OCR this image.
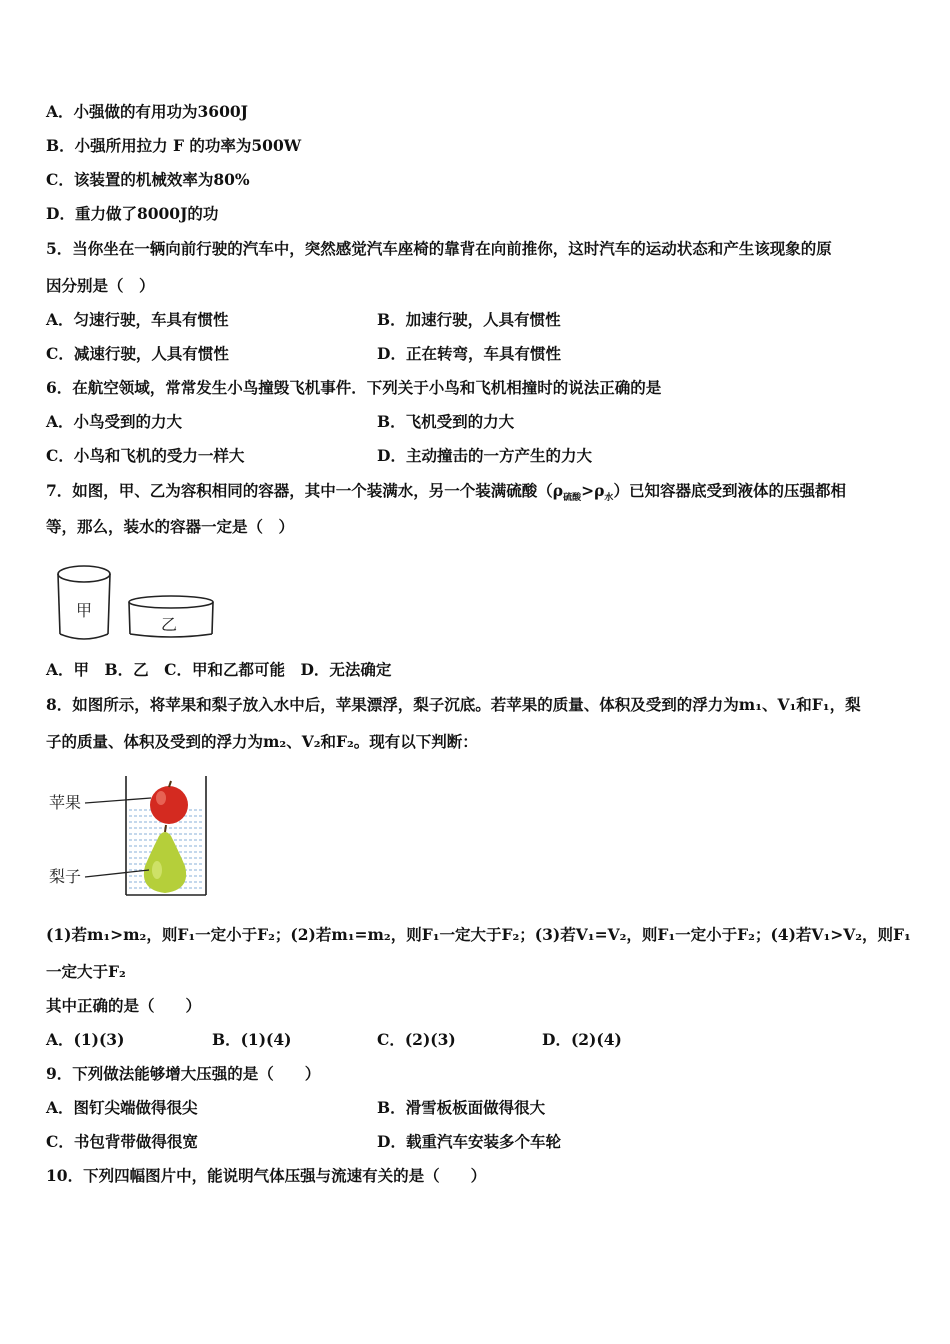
A．小强做的有用功为3600J
B．小强所用拉力 F 的功率为500W
C．该装置的机械效率为80%
D．重力做了8000J的功
5．当你坐在一辆向前行驶的汽车中，突然感觉汽车座椅的靠背在向前推你，这时汽车的运动状态和产生该现象的原
因分别是（　）
A．匀速行驶，车具有惯性	B．加速行驶，人具有惯性
C．减速行驶，人具有惯性	D．正在转弯，车具有惯性
6．在航空领域，常常发生小鸟撞毁飞机事件．下列关于小鸟和飞机相撞时的说法正确的是
A．小鸟受到的力大	B．飞机受到的力大
C．小鸟和飞机的受力一样大	D．主动撞击的一方产生的力大
7．如图，甲、乙为容积相同的容器，其中一个装满水，另一个装满硫酸$(\rho_{硫酸}>\rho_水)$已知容器底受到液体的压强都相
等，那么，装水的容器一定是（　）
甲
乙
A．甲　B．乙　C．甲和乙都可能　D．无法确定
8．如图所示，将苹果和梨子放入水中后，苹果漂浮，梨子沉底。若苹果的质量、体积及受到的浮力为m₁、V₁和F₁，梨
子的质量、体积及受到的浮力为m₂、V₂和F₂。现有以下判断：
苹果
梨子
(1)若m₁>m₂，则F₁一定小于F₂；(2)若m₁=m₂，则F₁一定大于F₂；(3)若V₁=V₂，则F₁一定小于F₂；(4)若V₁>V₂，则F₁
一定大于F₂
其中正确的是（　　）
A．(1)(3)	B．(1)(4)	C．(2)(3)	D．(2)(4)
9．下列做法能够增大压强的是（　　）
A．图钉尖端做得很尖	B．滑雪板板面做得很大
C．书包背带做得很宽	D．载重汽车安装多个车轮
10．下列四幅图片中，能说明气体压强与流速有关的是（　　）
